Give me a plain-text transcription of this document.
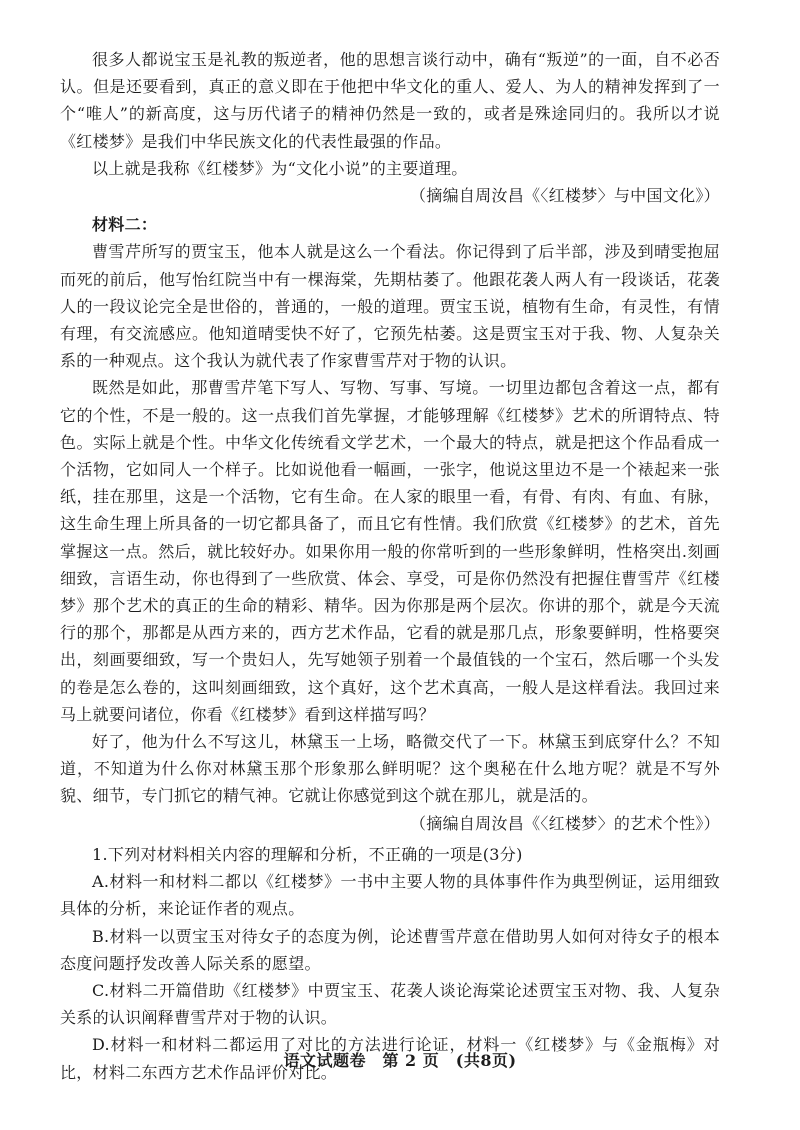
很多人都说宝玉是礼教的叛逆者，他的思想言谈行动中，确有“叛逆”的一面，自不必否认。但是还要看到，真正的意义即在于他把中华文化的重人、爱人、为人的精神发挥到了一个“唯人”的新高度，这与历代诸子的精神仍然是一致的，或者是殊途同归的。我所以才说《红楼梦》是我们中华民族文化的代表性最强的作品。

以上就是我称《红楼梦》为“文化小说”的主要道理。

（摘编自周汝昌《〈红楼梦〉与中国文化》）

材料二：

曹雪芹所写的贾宝玉，他本人就是这么一个看法。你记得到了后半部，涉及到晴雯抱屈而死的前后，他写怡红院当中有一棵海棠，先期枯萎了。他跟花袭人两人有一段谈话，花袭人的一段议论完全是世俗的，普通的，一般的道理。贾宝玉说，植物有生命，有灵性，有情有理，有交流感应。他知道晴雯快不好了，它预先枯萎。这是贾宝玉对于我、物、人复杂关系的一种观点。这个我认为就代表了作家曹雪芹对于物的认识。

既然是如此，那曹雪芹笔下写人、写物、写事、写境。一切里边都包含着这一点，都有它的个性，不是一般的。这一点我们首先掌握，才能够理解《红楼梦》艺术的所谓特点、特色。实际上就是个性。中华文化传统看文学艺术，一个最大的特点，就是把这个作品看成一个活物，它如同人一个样子。比如说他看一幅画，一张字，他说这里边不是一个裱起来一张纸，挂在那里，这是一个活物，它有生命。在人家的眼里一看，有骨、有肉、有血、有脉，这生命生理上所具备的一切它都具备了，而且它有性情。我们欣赏《红楼梦》的艺术，首先掌握这一点。然后，就比较好办。如果你用一般的你常听到的一些形象鲜明，性格突出.刻画细致，言语生动，你也得到了一些欣赏、体会、享受，可是你仍然没有把握住曹雪芹《红楼梦》那个艺术的真正的生命的精彩、精华。因为你那是两个层次。你讲的那个，就是今天流行的那个，那都是从西方来的，西方艺术作品，它看的就是那几点，形象要鲜明，性格要突出，刻画要细致，写一个贵妇人，先写她领子别着一个最值钱的一个宝石，然后哪一个头发的卷是怎么卷的，这叫刻画细致，这个真好，这个艺术真高，一般人是这样看法。我回过来马上就要问诸位，你看《红楼梦》看到这样描写吗？

好了，他为什么不写这儿，林黛玉一上场，略微交代了一下。林黛玉到底穿什么？不知道，不知道为什么你对林黛玉那个形象那么鲜明呢？这个奥秘在什么地方呢？就是不写外貌、细节，专门抓它的精气神。它就让你感觉到这个就在那儿，就是活的。

（摘编自周汝昌《〈红楼梦〉的艺术个性》）

1.下列对材料相关内容的理解和分析，不正确的一项是(3分)

A.材料一和材料二都以《红楼梦》一书中主要人物的具体事件作为典型例证，运用细致具体的分析，来论证作者的观点。

B.材料一以贾宝玉对待女子的态度为例，论述曹雪芹意在借助男人如何对待女子的根本态度问题抒发改善人际关系的愿望。

C.材料二开篇借助《红楼梦》中贾宝玉、花袭人谈论海棠论述贾宝玉对物、我、人复杂关系的认识阐释曹雪芹对于物的认识。

D.材料一和材料二都运用了对比的方法进行论证，材料一《红楼梦》与《金瓶梅》对比，材料二东西方艺术作品评价对比。

语文试题卷　第 2 页　(共8页)
